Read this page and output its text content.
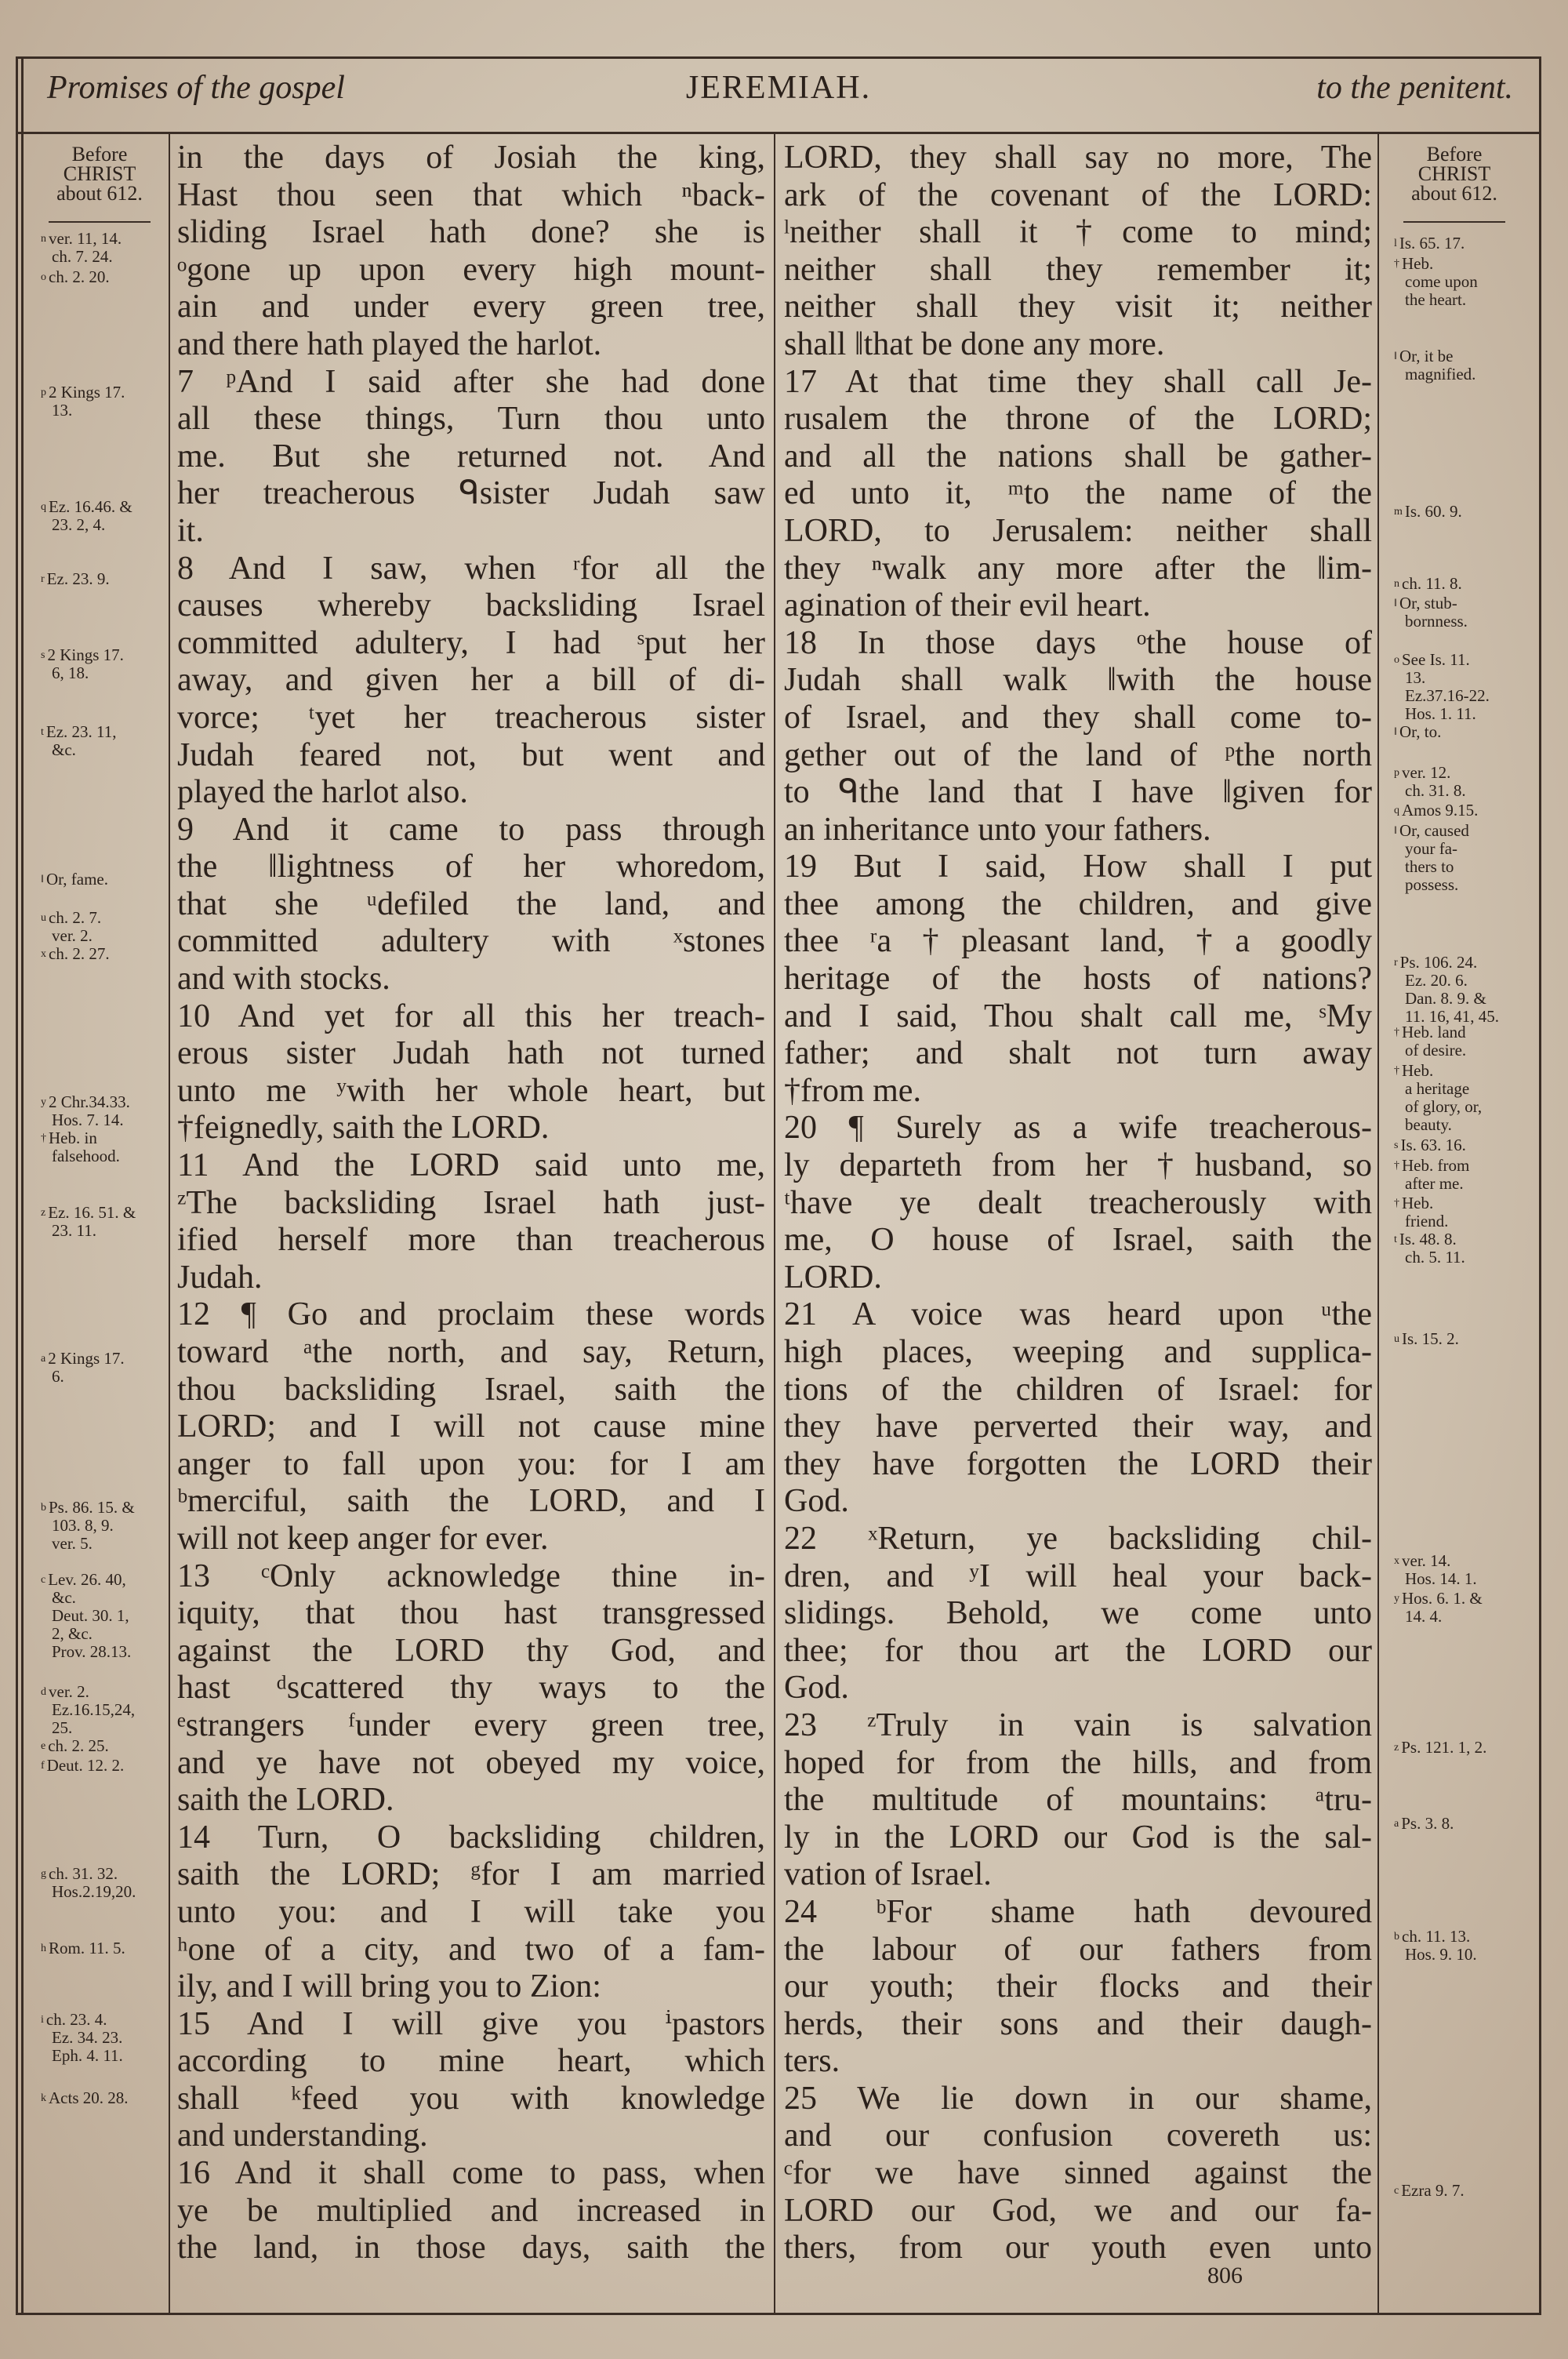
Promises of the gospel	JEREMIAH.	to the penitent.
Before
CHRIST
about 612.
Before
CHRIST
about 612.
in the days of Josiah the king,
Hast thou seen that which ⁿback-
sliding Israel hath done? she is
ᵒgone up upon every high mount-
ain and under every green tree,
and there hath played the harlot.
7 ᵖAnd I said after she had done
all these things, Turn thou unto
me. But she returned not. And
her treacherous ᑫsister Judah saw
it.
8 And I saw, when ʳfor all the
causes whereby backsliding Israel
committed adultery, I had ˢput her
away, and given her a bill of di-
vorce; ᵗyet her treacherous sister
Judah feared not, but went and
played the harlot also.
9 And it came to pass through
the ‖lightness of her whoredom,
that she ᵘdefiled the land, and
committed adultery with ˣstones
and with stocks.
10 And yet for all this her treach-
erous sister Judah hath not turned
unto me ʸwith her whole heart, but
†feignedly, saith the LORD.
11 And the LORD said unto me,
ᶻThe backsliding Israel hath just-
ified herself more than treacherous
Judah.
12 ¶ Go and proclaim these words
toward ᵃthe north, and say, Return,
thou backsliding Israel, saith the
LORD; and I will not cause mine
anger to fall upon you: for I am
ᵇmerciful, saith the LORD, and I
will not keep anger for ever.
13 ᶜOnly acknowledge thine in-
iquity, that thou hast transgressed
against the LORD thy God, and
hast ᵈscattered thy ways to the
ᵉstrangers ᶠunder every green tree,
and ye have not obeyed my voice,
saith the LORD.
14 Turn, O backsliding children,
saith the LORD; ᵍfor I am married
unto you: and I will take you
ʰone of a city, and two of a fam-
ily, and I will bring you to Zion:
15 And I will give you ⁱpastors
according to mine heart, which
shall ᵏfeed you with knowledge
and understanding.
16 And it shall come to pass, when
ye be multiplied and increased in
the land, in those days, saith the
LORD, they shall say no more, The
ark of the covenant of the LORD:
ˡneither shall it †come to mind;
neither shall they remember it;
neither shall they visit it; neither
shall ‖that be done any more.
17 At that time they shall call Je-
rusalem the throne of the LORD;
and all the nations shall be gather-
ed unto it, ᵐto the name of the
LORD, to Jerusalem: neither shall
they ⁿwalk any more after the ‖im-
agination of their evil heart.
18 In those days ᵒthe house of
Judah shall walk ‖with the house
of Israel, and they shall come to-
gether out of the land of ᵖthe north
to ᑫthe land that I have ‖given for
an inheritance unto your fathers.
19 But I said, How shall I put
thee among the children, and give
thee ʳa †pleasant land, †a goodly
heritage of the hosts of nations?
and I said, Thou shalt call me, ˢMy
father; and shalt not turn away
†from me.
20 ¶ Surely as a wife treacherous-
ly departeth from her †husband, so
ᵗhave ye dealt treacherously with
me, O house of Israel, saith the
LORD.
21 A voice was heard upon ᵘthe
high places, weeping and supplica-
tions of the children of Israel: for
they have perverted their way, and
they have forgotten the LORD their
God.
22 ˣReturn, ye backsliding chil-
dren, and ʸI will heal your back-
slidings. Behold, we come unto
thee; for thou art the LORD our
God.
23 ᶻTruly in vain is salvation
hoped for from the hills, and from
the multitude of mountains: ᵃtru-
ly in the LORD our God is the sal-
vation of Israel.
24 ᵇFor shame hath devoured
the labour of our fathers from
our youth; their flocks and their
herds, their sons and their daugh-
ters.
25 We lie down in our shame,
and our confusion covereth us:
ᶜfor we have sinned against the
LORD our God, we and our fa-
thers, from our youth even unto
$^n$ ver. 11, 14.
ch. 7. 24.
$^o$ ch. 2. 20.
$^p$ 2 Kings 17.
13.
$^q$ Ez. 16.46. &
23. 2, 4.
$^r$ Ez. 23. 9.
$^s$ 2 Kings 17.
6, 18.
$^t$ Ez. 23. 11,
&c.
‖ Or, fame.
$^u$ ch. 2. 7.
ver. 2.
$^x$ ch. 2. 27.
$^y$ 2 Chr.34.33.
Hos. 7. 14.
† Heb. in
falsehood.
$^z$ Ez. 16. 51. &
23. 11.
$^a$ 2 Kings 17.
6.
$^b$ Ps. 86. 15. &
103. 8, 9.
ver. 5.
$^c$ Lev. 26. 40,
&c.
Deut. 30. 1,
2, &c.
Prov. 28.13.
$^d$ ver. 2.
Ez.16.15,24,
25.
$^e$ ch. 2. 25.
$^f$ Deut. 12. 2.
$^g$ ch. 31. 32.
Hos.2.19,20.
$^h$ Rom. 11. 5.
$^i$ ch. 23. 4.
Ez. 34. 23.
Eph. 4. 11.
$^k$ Acts 20. 28.
$^l$ Is. 65. 17.
† Heb.
come upon
the heart.
‖ Or, it be
magnified.
$^m$ Is. 60. 9.
$^n$ ch. 11. 8.
‖ Or, stub-
bornness.
$^o$ See Is. 11.
13.
Ez.37.16-22.
Hos. 1. 11.
‖ Or, to.
$^p$ ver. 12.
ch. 31. 8.
$^q$ Amos 9.15.
‖ Or, caused
your fa-
thers to
possess.
$^r$ Ps. 106. 24.
Ez. 20. 6.
Dan. 8. 9. &
11. 16, 41, 45.
† Heb. land
of desire.
† Heb.
a heritage
of glory, or,
beauty.
$^s$ Is. 63. 16.
† Heb. from
after me.
† Heb.
friend.
$^t$ Is. 48. 8.
ch. 5. 11.
$^u$ Is. 15. 2.
$^x$ ver. 14.
Hos. 14. 1.
$^y$ Hos. 6. 1. &
14. 4.
$^z$ Ps. 121. 1, 2.
$^a$ Ps. 3. 8.
$^b$ ch. 11. 13.
Hos. 9. 10.
$^c$ Ezra 9. 7.
806
